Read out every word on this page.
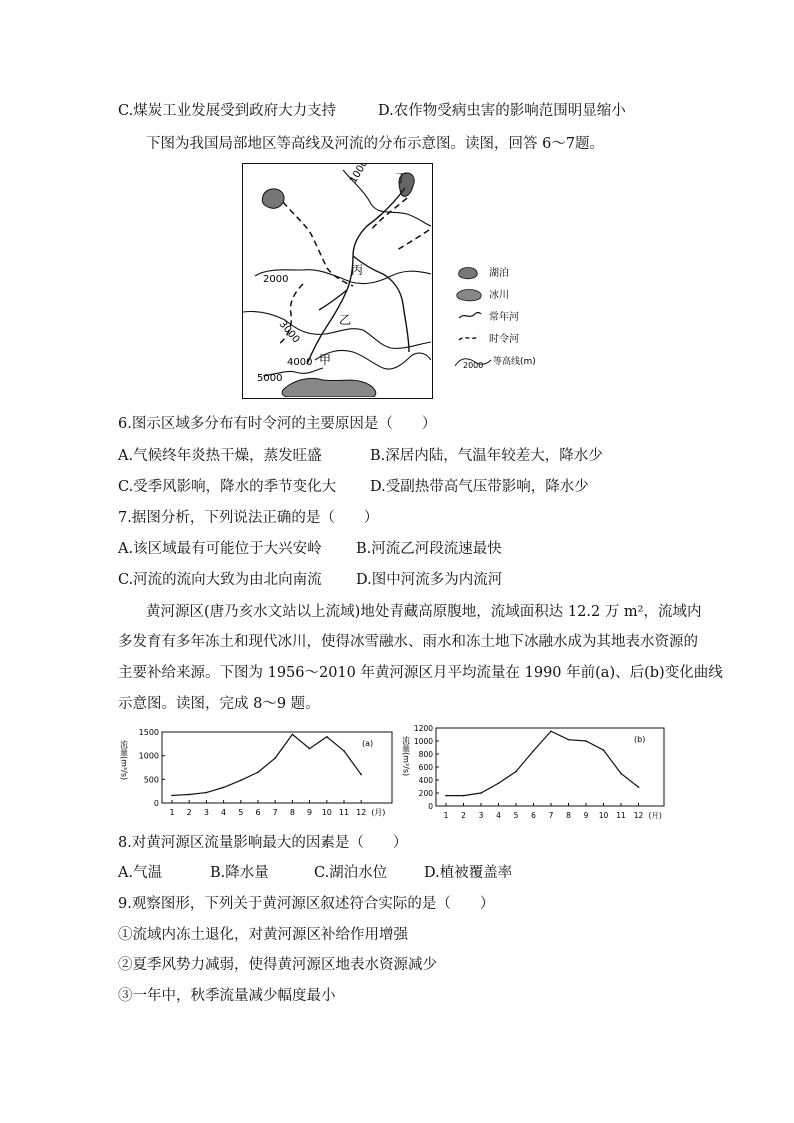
C.煤炭工业发展受到政府大力支持	D.农作物受病虫害的影响范围明显缩小
下图为我国局部地区等高线及河流的分布示意图。读图，回答 6～7题。
1000
2000
3000
4000
5000
丁
丙
乙
甲
湖泊
冰川
常年河
时令河
2000 等高线(m)
6.图示区域多分布有时令河的主要原因是（　　）
A.气候终年炎热干燥，蒸发旺盛	B.深居内陆，气温年较差大，降水少
C.受季风影响，降水的季节变化大 D.受副热带高气压带影响，降水少
7.据图分析，下列说法正确的是（　　）
A.该区域最有可能位于大兴安岭 B.河流乙河段流速最快
C.河流的流向大致为由北向南流 D.图中河流多为内流河
黄河源区(唐乃亥水文站以上流域)地处青藏高原腹地，流域面积达 12.2 万 m²，流域内
多发育有多年冻土和现代冰川，使得冰雪融水、雨水和冻土地下冰融水成为其地表水资源的
主要补给来源。下图为 1956～2010 年黄河源区月平均流量在 1990 年前(a)、后(b)变化曲线
示意图。读图，完成 8～9 题。
0
500
1000
1500
1 2 3 4 5 6 7 8 9 10 11 12 (月)
流量(m³/s)	(a)
0
200
400
600
800
1000
1200
1 2 3 4 5 6 7 8 9 10 11 12 (月)
流量(m³/s)	(b)
8.对黄河源区流量影响最大的因素是（　　）
A.气温	B.降水量	C.湖泊水位	D.植被覆盖率
9.观察图形，下列关于黄河源区叙述符合实际的是（　　）
①流域内冻土退化，对黄河源区补给作用增强
②夏季风势力减弱，使得黄河源区地表水资源减少
③一年中，秋季流量减少幅度最小
